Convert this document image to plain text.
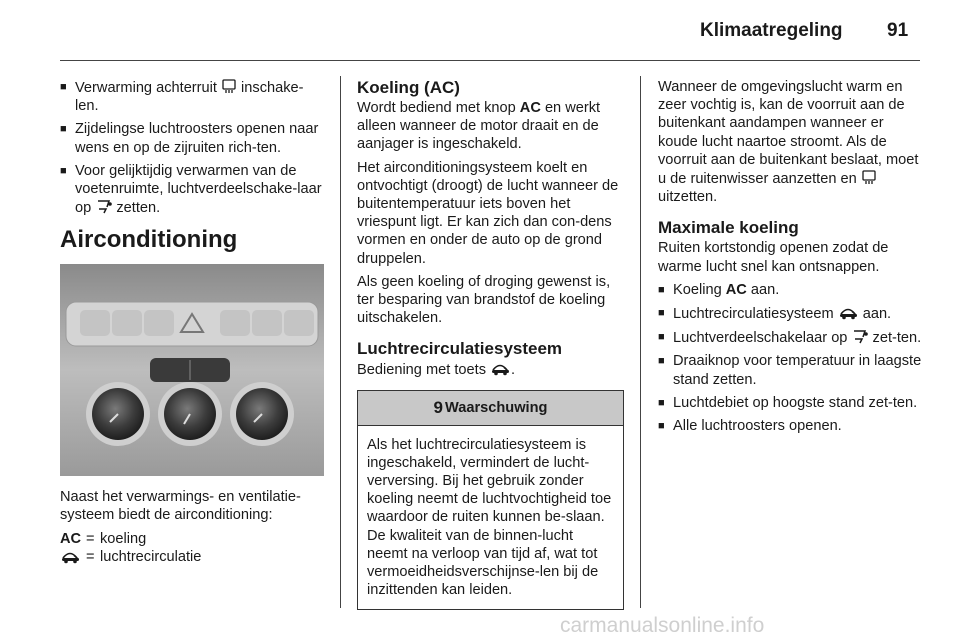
Klimaatregeling 91
■ Verwarming achterruit  inschake-len.
■ Zijdelingse luchtroosters openen naar wens en op de zijruiten rich-ten.
■ Voor gelijktijdig verwarmen van de voetenruimte, luchtverdeelschake-laar op  zetten.
Airconditioning

Naast het verwarmings- en ventilatie-systeem biedt de airconditioning:

AC = koeling
= luchtrecirculatie
Koeling (AC)

Wordt bediend met knop AC en werkt alleen wanneer de motor draait en de aanjager is ingeschakeld.

Het airconditioningsysteem koelt en ontvochtigt (droogt) de lucht wanneer de buitentemperatuur iets boven het vriespunt ligt. Er kan zich dan con-dens vormen en onder de auto op de grond druppelen.

Als geen koeling of droging gewenst is, ter besparing van brandstof de koeling uitschakelen.

Luchtrecirculatiesysteem

Bediening met toets .

9 Waarschuwing
Als het luchtrecirculatiesysteem is ingeschakeld, vermindert de lucht-verversing. Bij het gebruik zonder koeling neemt de luchtvochtigheid toe waardoor de ruiten kunnen be-slaan. De kwaliteit van de binnen-lucht neemt na verloop van tijd af, wat tot vermoeidheidsverschijnse-len bij de inzittenden kan leiden.

Wanneer de omgevingslucht warm en zeer vochtig is, kan de voorruit aan de buitenkant aandampen wanneer er koude lucht naartoe stroomt. Als de voorruit aan de buitenkant beslaat, moet u de ruitenwisser aanzetten en  uitzetten.

Maximale koeling

Ruiten kortstondig openen zodat de warme lucht snel kan ontsnappen.

■ Koeling AC aan.
■ Luchtrecirculatiesysteem  aan.
■ Luchtverdeelschakelaar op  zet-ten.
■ Draaiknop voor temperatuur in laagste stand zetten.
■ Luchtdebiet op hoogste stand zet-ten.
■ Alle luchtroosters openen.
carmanualsonline.info
